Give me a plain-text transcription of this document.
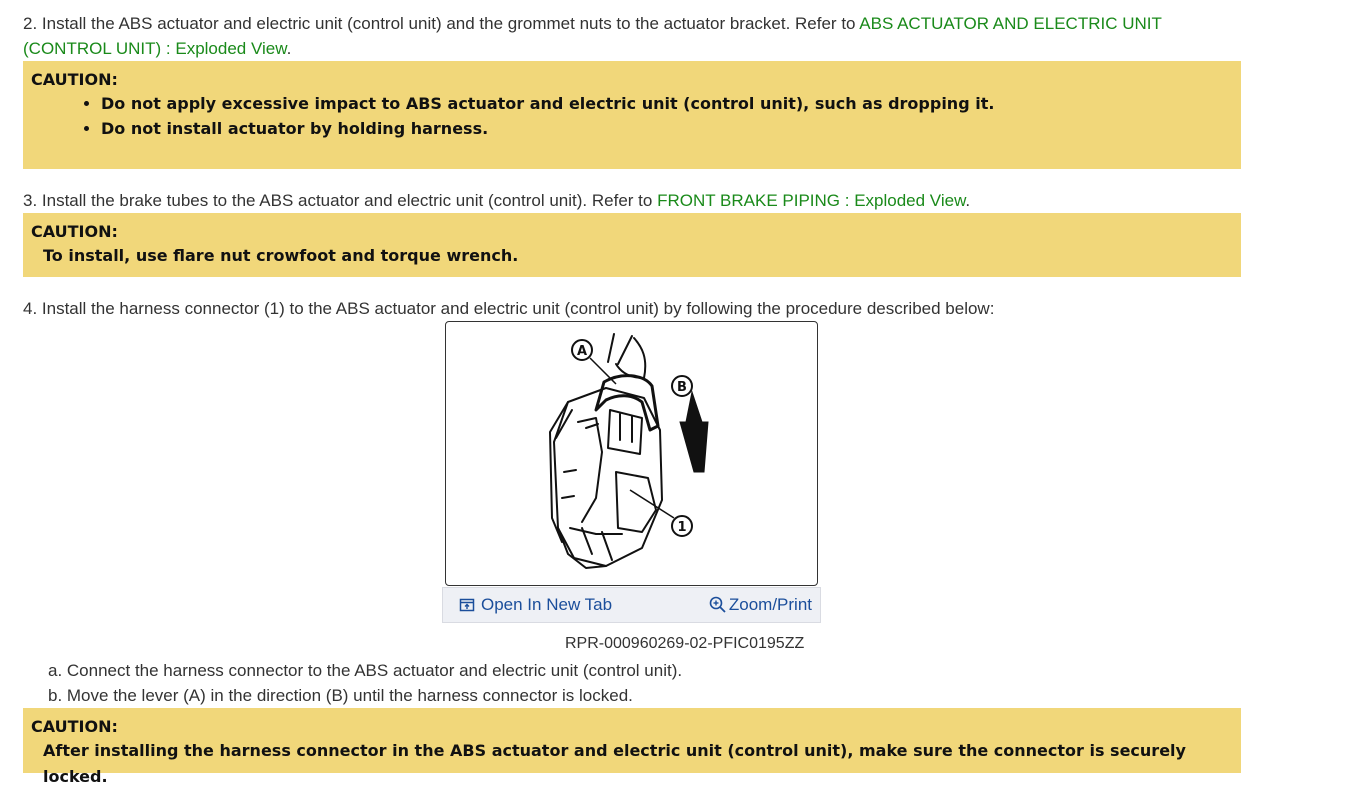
2. Install the ABS actuator and electric unit (control unit) and the grommet nuts to the actuator bracket. Refer to ABS ACTUATOR AND ELECTRIC UNIT
(CONTROL UNIT) : Exploded View.
CAUTION:
• Do not apply excessive impact to ABS actuator and electric unit (control unit), such as dropping it.
• Do not install actuator by holding harness.
3. Install the brake tubes to the ABS actuator and electric unit (control unit). Refer to FRONT BRAKE PIPING : Exploded View.
CAUTION:
To install, use flare nut crowfoot and torque wrench.
4. Install the harness connector (1) to the ABS actuator and electric unit (control unit) by following the procedure described below:
A
B
1
Open In New Tab	Zoom/Print
RPR-000960269-02-PFIC0195ZZ
a. Connect the harness connector to the ABS actuator and electric unit (control unit).
b. Move the lever (A) in the direction (B) until the harness connector is locked.
CAUTION:
After installing the harness connector in the ABS actuator and electric unit (control unit), make sure the connector is securely locked.
